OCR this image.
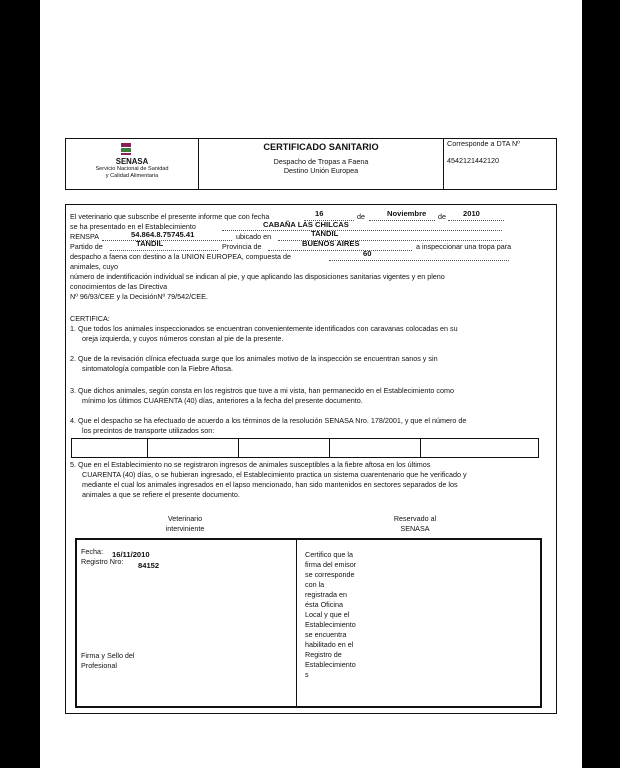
SENASA
Servicio Nacional de Sanidad
y Calidad Alimentaria
CERTIFICADO SANITARIO
Despacho de Tropas a Faena
Destino Unión Europea
Corresponde a DTA Nº
4542121442120
El veterinario que subscribe el presente informe que con fecha	16	de	Noviembre de 2010
se ha presentado en el Establecimiento	CABAÑA LAS CHILCAS
RENSPA	54.864.8.75745.41	ubicado en	TANDIL
Partido de	TANDIL	Provincia de	BUENOS AIRES	a inspeccionar una tropa para
despacho a faena con destino a la UNION EUROPEA, compuesta de	60
animales, cuyo
número de indentificación individual se indican al pie, y que aplicando las disposiciones sanitarias vigentes y en pleno
conocimientos de las Directiva
Nº 96/93/CEE y la DecisiónNº 79/542/CEE.
CERTIFICA:
1. Que todos los animales inspeccionados se encuentran convenientemente identificados con caravanas colocadas en su
oreja izquierda, y cuyos números constan al pie de la presente.
2. Que de la revisación clínica efectuada surge que los animales motivo de la inspección se encuentran sanos y sin
sintomatología compatible con la Fiebre Aftosa.
3. Que dichos animales, según consta en los registros que tuve a mi vista, han permanecido en el Establecimiento como
mínimo los últimos CUARENTA (40) días, anteriores a la fecha del presente documento.
4. Que el despacho se ha efectuado de acuerdo a los términos de la resolución SENASA Nro. 178/2001, y que el número de
los precintos de transporte utilizados son:
5. Que en el Establecimiento no se registraron ingresos de animales susceptibles a la fiebre aftosa en los últimos
CUARENTA (40) días, o se hubieran ingresado, el Establecimiento practica un sistema cuarentenario que he verificado y
mediante el cual los animales ingresados en el lapso mencionado, han sido mantenidos en sectores separados de los
animales a que se refiere el presente documento.
Veterinario
interviniente
Reservado al
SENASA
Fecha: 16/11/2010
Registro Nro: 84152
Firma y Sello del
Profesional
Certifico que la
firma del emisor
se corresponde
con la
registrada en
ésta Oficina
Local y que el
Establecimiento
se encuentra
habilitado en el
Registro de
Establecimiento
s
